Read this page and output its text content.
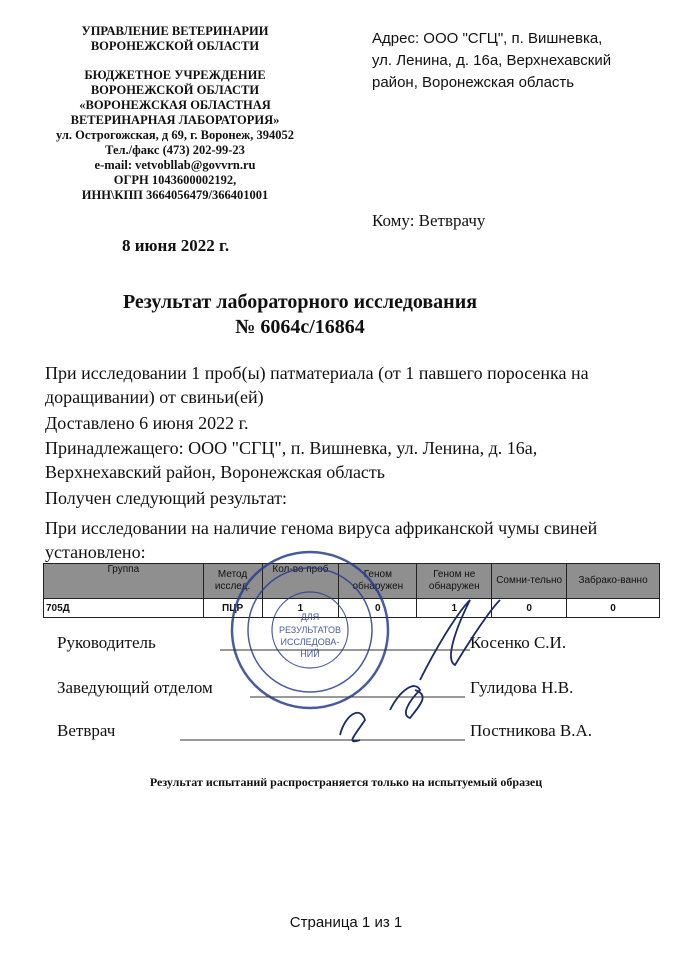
УПРАВЛЕНИЕ ВЕТЕРИНАРИИ
ВОРОНЕЖСКОЙ ОБЛАСТИ
БЮДЖЕТНОЕ УЧРЕЖДЕНИЕ
ВОРОНЕЖСКОЙ ОБЛАСТИ
«ВОРОНЕЖСКАЯ ОБЛАСТНАЯ
ВЕТЕРИНАРНАЯ ЛАБОРАТОРИЯ»
ул. Острогожская, д 69, г. Воронеж, 394052
Тел./факс (473) 202-99-23
e-mail: vetvobllab@govvrn.ru
ОГРН 1043600002192,
ИНН\КПП 3664056479/366401001
Адрес: ООО "СГЦ", п. Вишневка,
ул. Ленина, д. 16а, Верхнехавский
район, Воронежская область
Кому: Ветврачу
8 июня 2022 г.
Результат лабораторного исследования
№ 6064с/16864
При исследовании 1 проб(ы) патматериала (от 1 павшего поросенка на доращивании) от свиньи(ей)
Доставлено 6 июня 2022 г.
Принадлежащего: ООО "СГЦ", п. Вишневка, ул. Ленина, д. 16а, Верхнехавский район, Воронежская область
Получен следующий результат:
При исследовании на наличие генома вируса африканской чумы свиней установлено:
Группа	Метод исслед.	Кол-во проб	Геном обнаружен	Геном не обнаружен	Сомни-тельно	Забрако-ванно
705Д	ПЦР	1	0	1	0	0
Руководитель	Косенко С.И.
Заведующий отделом	Гулидова Н.В.
Ветврач	Постникова В.А.
ДЛЯ
РЕЗУЛЬТАТОВ
ИССЛЕДОВА-
НИЙ
Результат испытаний распространяется только на испытуемый образец
Страница 1 из 1
